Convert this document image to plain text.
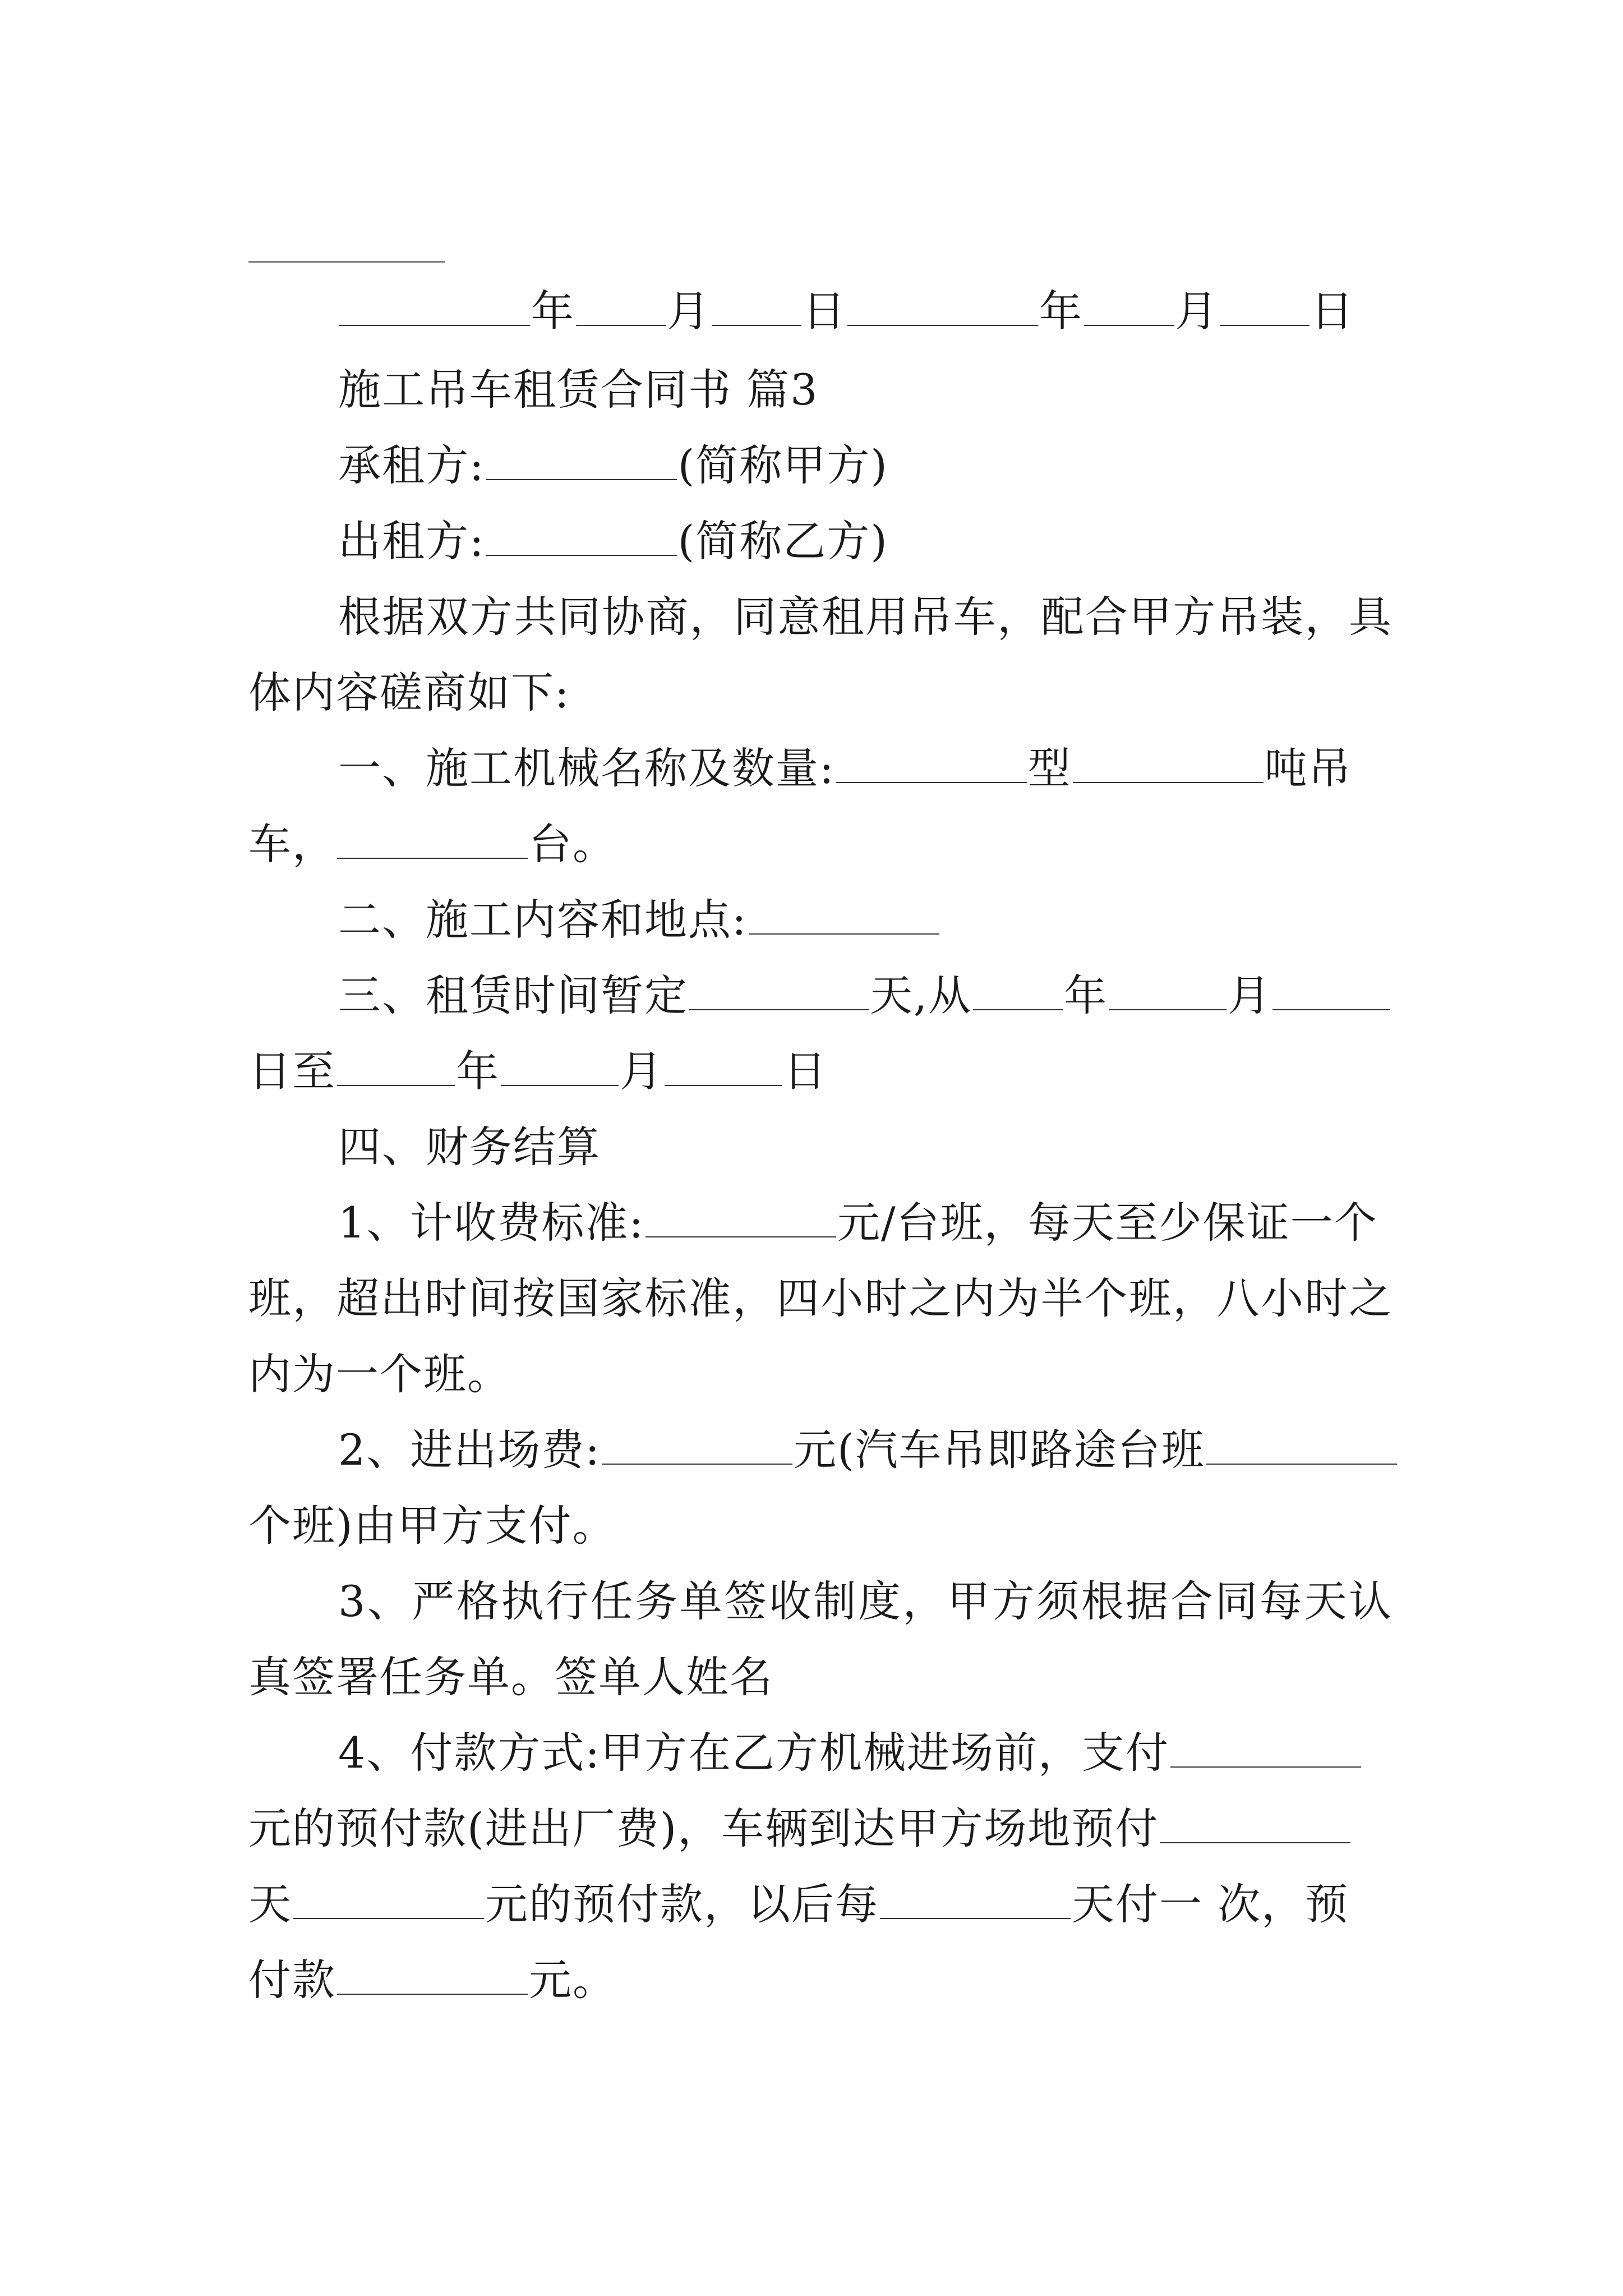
年 月 日	年 月 日
施工吊车租赁合同书 篇3
承租方:	(简称甲方)
出租方:	(简称乙方)
根据双方共同协商，同意租用吊车，配合甲方吊装，具
体内容磋商如下:
一、施工机械名称及数量:	型	吨吊
车，	台。
二、施工内容和地点:
三、租赁时间暂定	天,从 年	月
日至	年	月	日
四、财务结算
1、计收费标准:	元/台班，每天至少保证一个
班，超出时间按国家标准，四小时之内为半个班，八小时之
内为一个班。
2、进出场费:	元(汽车吊即路途台班
个班)由甲方支付。
3、严格执行任务单签收制度，甲方须根据合同每天认
真签署任务单。签单人姓名
4、付款方式:甲方在乙方机械进场前，支付
元的预付款(进出厂费)，车辆到达甲方场地预付
天	元的预付款，以后每	天付一 次，预
付款	元。
